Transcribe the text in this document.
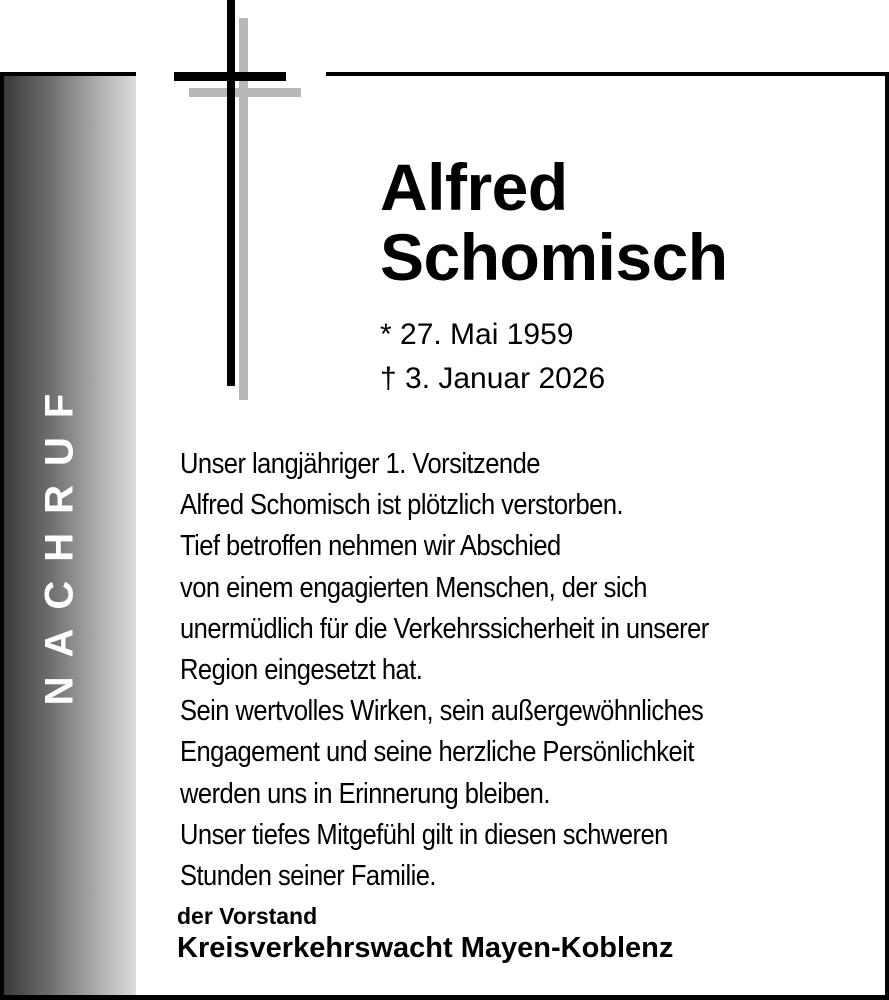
NACHRUF
Alfred
Schomisch
* 27. Mai 1959
† 3. Januar 2026
Unser langjähriger 1. Vorsitzende
Alfred Schomisch ist plötzlich verstorben.
Tief betroffen nehmen wir Abschied
von einem engagierten Menschen, der sich
unermüdlich für die Verkehrssicherheit in unserer
Region eingesetzt hat.
Sein wertvolles Wirken, sein außergewöhnliches
Engagement und seine herzliche Persönlichkeit
werden uns in Erinnerung bleiben.
Unser tiefes Mitgefühl gilt in diesen schweren
Stunden seiner Familie.
der Vorstand
Kreisverkehrswacht Mayen-Koblenz
